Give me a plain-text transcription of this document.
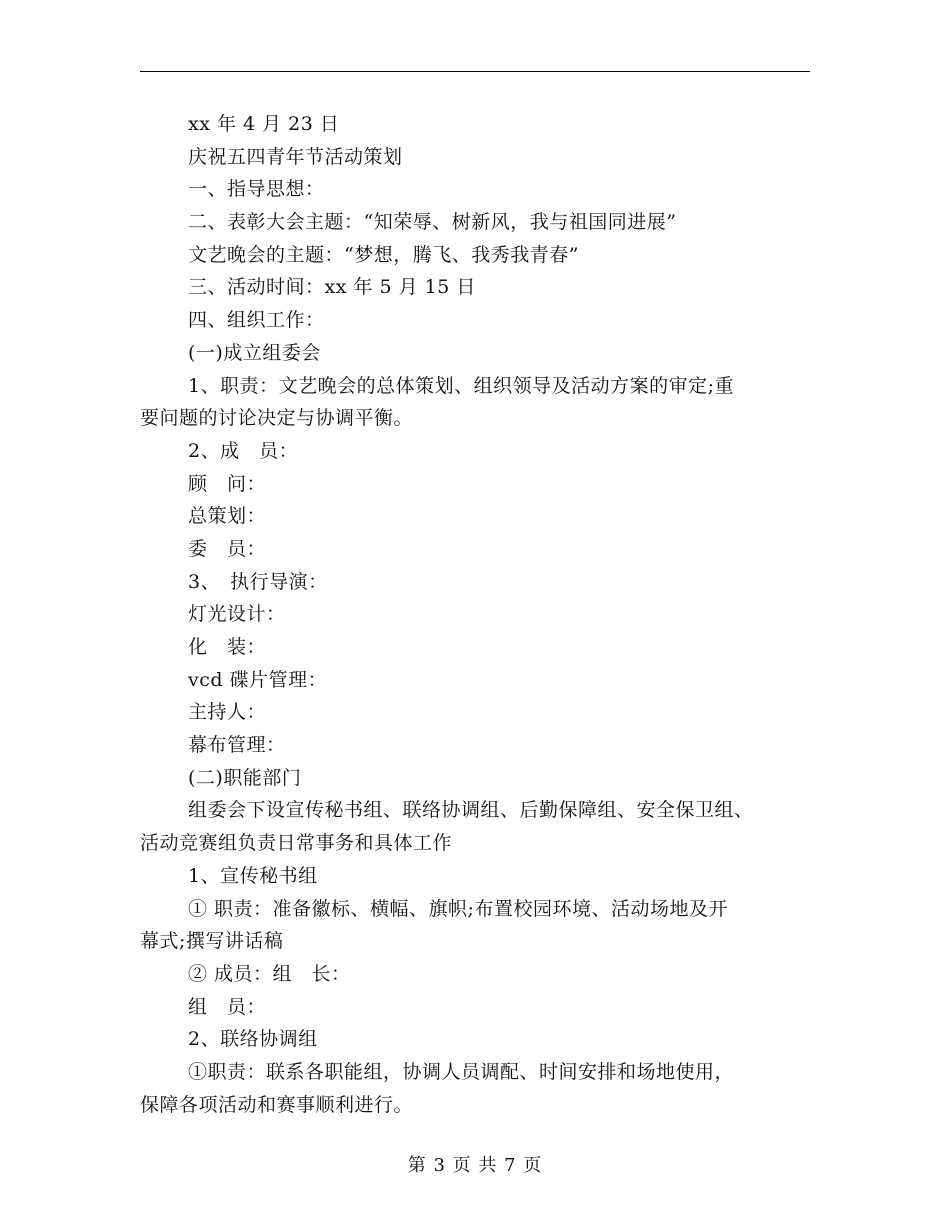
xx 年 4 月 23 日
庆祝五四青年节活动策划
一、指导思想：
二、表彰大会主题：“知荣辱、树新风，我与祖国同进展”
文艺晚会的主题：“梦想，腾飞、我秀我青春”
三、活动时间：xx 年 5 月 15 日
四、组织工作：
(一)成立组委会
1、职责：文艺晚会的总体策划、组织领导及活动方案的审定;重
要问题的讨论决定与协调平衡。
2、成　员：
顾　问：
总策划：
委　员：
3、　执行导演：
灯光设计：
化　装：
vcd 碟片管理：
主持人：
幕布管理：
(二)职能部门
组委会下设宣传秘书组、联络协调组、后勤保障组、安全保卫组、
活动竞赛组负责日常事务和具体工作
1、宣传秘书组
① 职责：准备徽标、横幅、旗帜;布置校园环境、活动场地及开
幕式;撰写讲话稿
② 成员：组　长：
组　员：
2、联络协调组
①职责：联系各职能组，协调人员调配、时间安排和场地使用，
保障各项活动和赛事顺利进行。
第 3 页 共 7 页
